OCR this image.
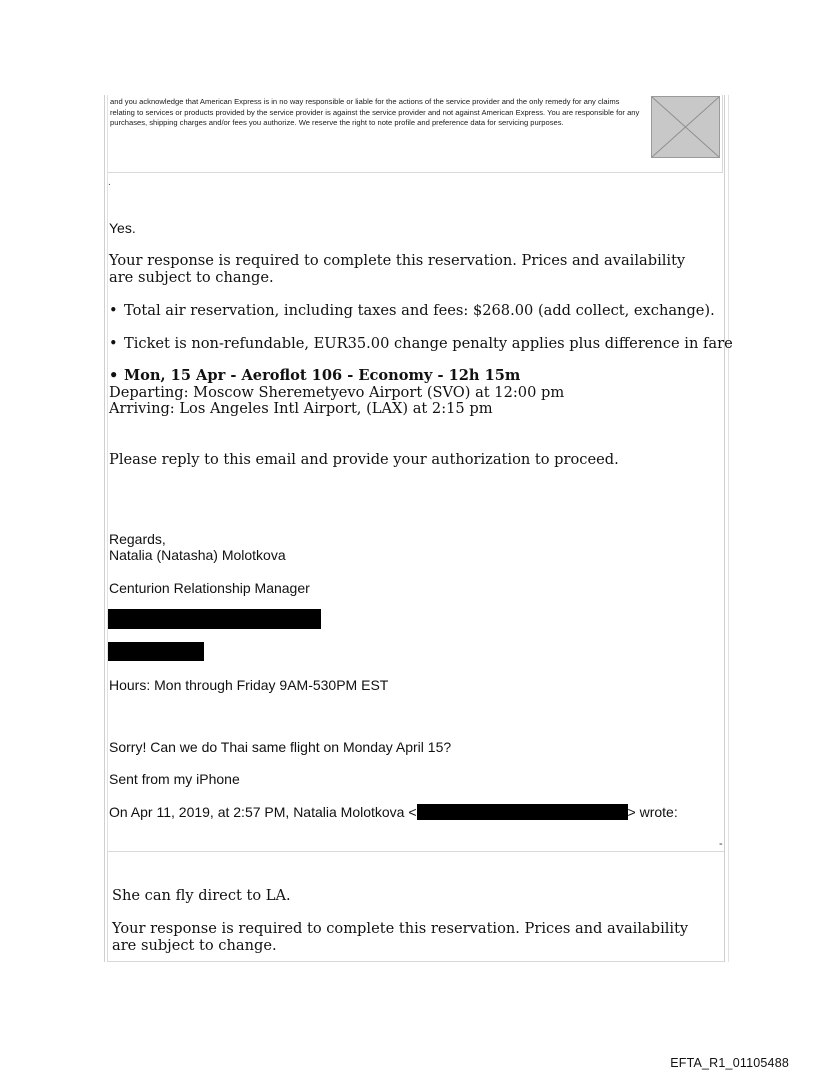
and you acknowledge that American Express is in no way responsible or liable for the actions of the service provider and the only remedy for any claims relating to services or products provided by the service provider is against the service provider and not against American Express. You are responsible for any purchases, shipping charges and/or fees you authorize. We reserve the right to note profile and preference data for servicing purposes.

.

Yes.

Your response is required to complete this reservation. Prices and availability are subject to change.

• Total air reservation, including taxes and fees: $268.00 (add collect, exchange).

• Ticket is non-refundable, EUR35.00 change penalty applies plus difference in fare

• Mon, 15 Apr - Aeroflot 106 - Economy - 12h 15m

Departing: Moscow Sheremetyevo Airport (SVO) at 12:00 pm

Arriving: Los Angeles Intl Airport, (LAX) at 2:15 pm

Please reply to this email and provide your authorization to proceed.

Regards,

Natalia (Natasha) Molotkova

Centurion Relationship Manager

Hours: Mon through Friday 9AM-530PM EST

Sorry! Can we do Thai same flight on Monday April 15?

Sent from my iPhone

On Apr 11, 2019, at 2:57 PM, Natalia Molotkova <	> wrote:

-

She can fly direct to LA.

Your response is required to complete this reservation. Prices and availability are subject to change.

EFTA_R1_01105488
